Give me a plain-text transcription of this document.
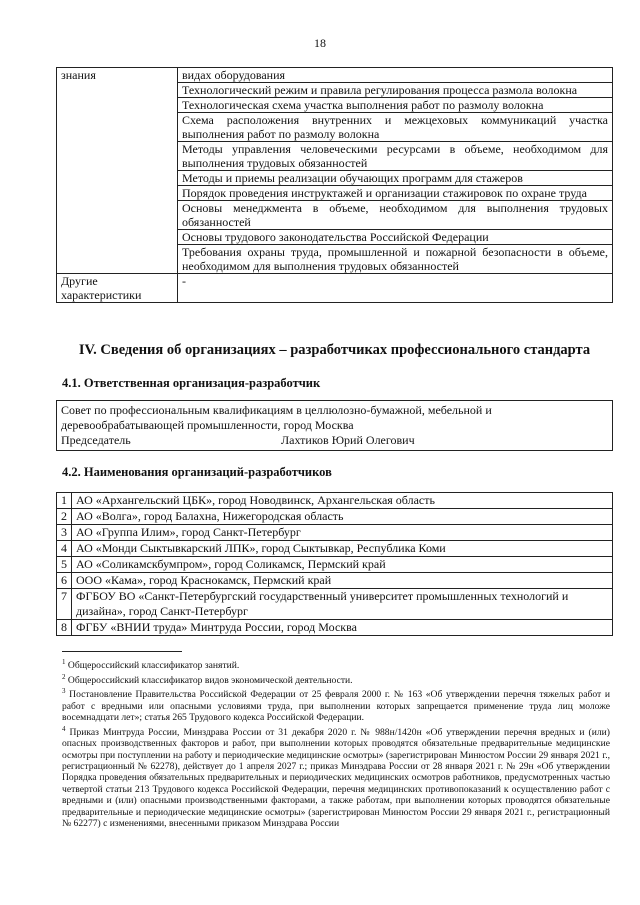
18
знания	видах оборудования
	Технологический режим и правила регулирования процесса размола волокна
	Технологическая схема участка выполнения работ по размолу волокна
	Схема расположения внутренних и межцеховых коммуникаций участка выполнения работ по размолу волокна
	Методы управления человеческими ресурсами в объеме, необходимом для выполнения трудовых обязанностей
	Методы и приемы реализации обучающих программ для стажеров
	Порядок проведения инструктажей и организации стажировок по охране труда
	Основы менеджмента в объеме, необходимом для выполнения трудовых обязанностей
	Основы трудового законодательства Российской Федерации
	Требования охраны труда, промышленной и пожарной безопасности в объеме, необходимом для выполнения трудовых обязанностей
Другие характеристики	-
IV. Сведения об организациях – разработчиках профессионального стандарта
4.1. Ответственная организация-разработчик
Совет по профессиональным квалификациям в целлюлозно-бумажной, мебельной и деревообрабатывающей промышленности, город Москва
Председатель	Лахтиков Юрий Олегович
4.2. Наименования организаций-разработчиков
1	АО «Архангельский ЦБК», город Новодвинск, Архангельская область
2	АО «Волга», город Балахна, Нижегородская область
3	АО «Группа Илим», город Санкт-Петербург
4	АО «Монди Сыктывкарский ЛПК», город Сыктывкар, Республика Коми
5	АО «Соликамскбумпром», город Соликамск, Пермский край
6	ООО «Кама», город Краснокамск, Пермский край
7	ФГБОУ ВО «Санкт-Петербургский государственный университет промышленных технологий и дизайна», город Санкт-Петербург
8	ФГБУ «ВНИИ труда» Минтруда России, город Москва

$^1$ Общероссийский классификатор занятий.

$^2$ Общероссийский классификатор видов экономической деятельности.

$^3$ Постановление Правительства Российской Федерации от 25 февраля 2000 г. № 163 «Об утверждении перечня тяжелых работ и работ с вредными или опасными условиями труда, при выполнении которых запрещается применение труда лиц моложе восемнадцати лет»; статья 265 Трудового кодекса Российской Федерации.

$^4$ Приказ Минтруда России, Минздрава России от 31 декабря 2020 г. № 988н/1420н «Об утверждении перечня вредных и (или) опасных производственных факторов и работ, при выполнении которых проводятся обязательные предварительные медицинские осмотры при поступлении на работу и периодические медицинские осмотры» (зарегистрирован Минюстом России 29 января 2021 г., регистрационный № 62278), действует до 1 апреля 2027 г.; приказ Минздрава России от 28 января 2021 г. № 29н «Об утверждении Порядка проведения обязательных предварительных и периодических медицинских осмотров работников, предусмотренных частью четвертой статьи 213 Трудового кодекса Российской Федерации, перечня медицинских противопоказаний к осуществлению работ с вредными и (или) опасными производственными факторами, а также работам, при выполнении которых проводятся обязательные предварительные и периодические медицинские осмотры» (зарегистрирован Минюстом России 29 января 2021 г., регистрационный № 62277) с изменениями, внесенными приказом Минздрава России
